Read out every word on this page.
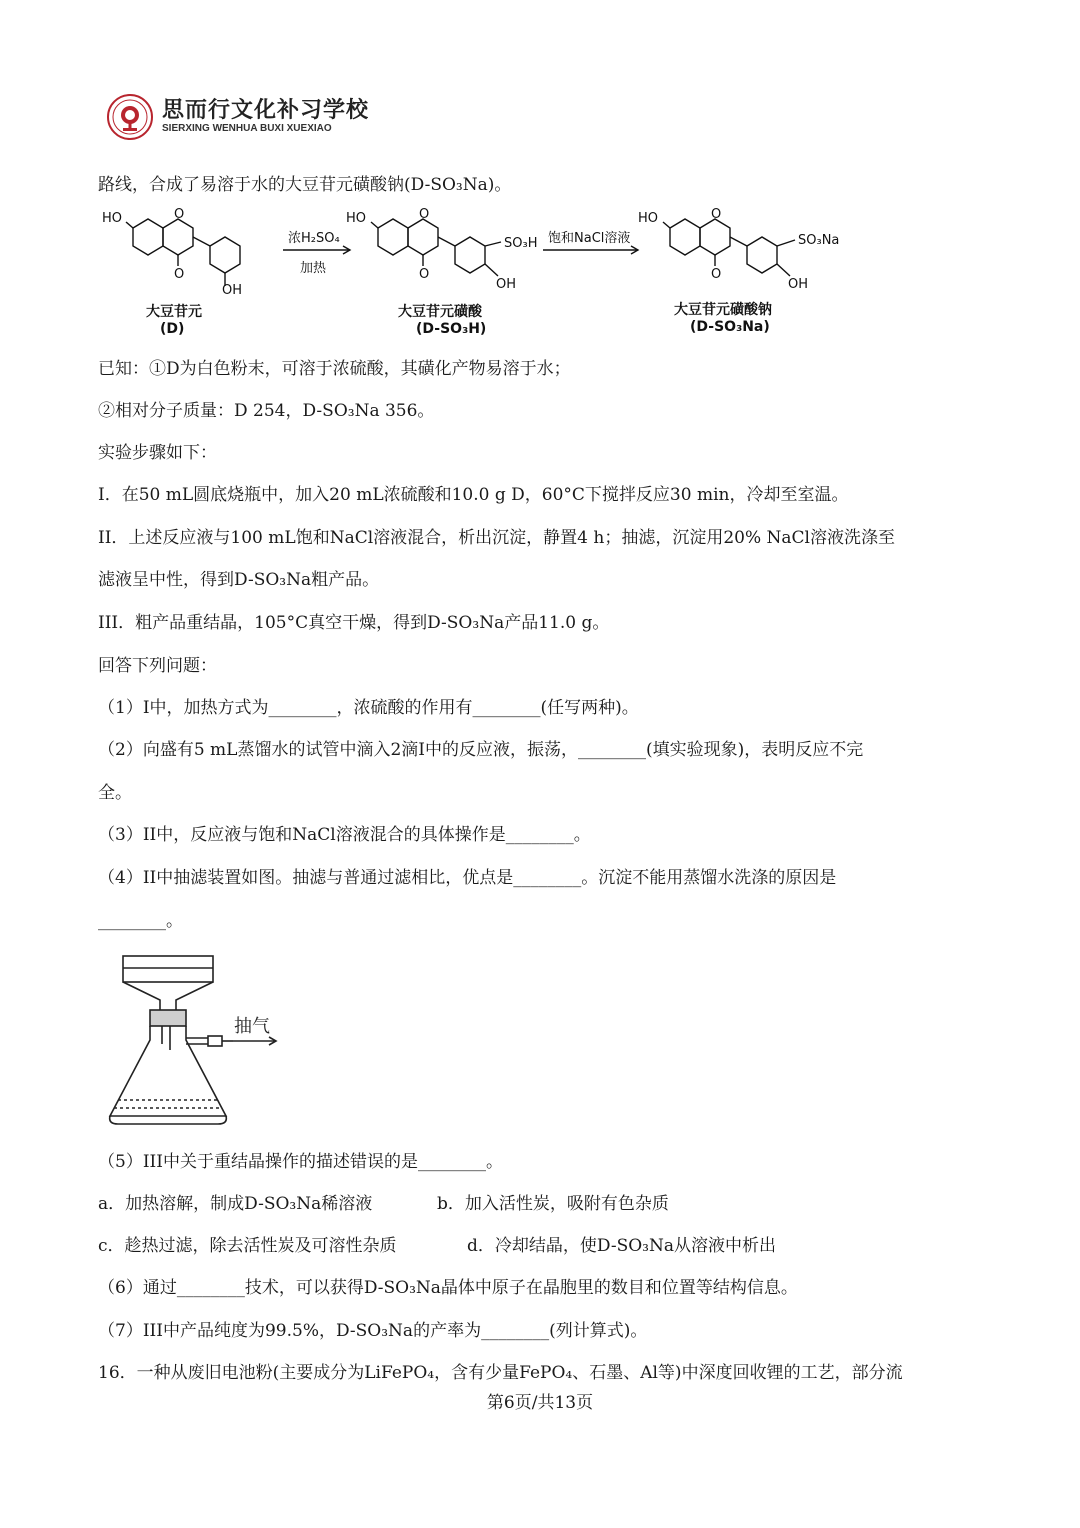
思而行文化补习学校
SIERXING WENHUA BUXI XUEXIAO
路线，合成了易溶于水的大豆苷元磺酸钠(D-SO₃Na)。
HO	O
O
OH
大豆苷元
(D)
浓H₂SO₄
加热
HO	O
O
SO₃H
OH
大豆苷元磺酸
(D-SO₃H)
饱和NaCl溶液
HO	O
O
SO₃Na
OH
大豆苷元磺酸钠
(D-SO₃Na)
已知：①D为白色粉末，可溶于浓硫酸，其磺化产物易溶于水；
②相对分子质量：D 254，D-SO₃Na 356。
实验步骤如下：
I．在50 mL圆底烧瓶中，加入20 mL浓硫酸和10.0 g D，60°C下搅拌反应30 min，冷却至室温。
II．上述反应液与100 mL饱和NaCl溶液混合，析出沉淀，静置4 h；抽滤，沉淀用20% NaCl溶液洗涤至
滤液呈中性，得到D-SO₃Na粗产品。
III．粗产品重结晶，105°C真空干燥，得到D-SO₃Na产品11.0 g。
回答下列问题：
（1）I中，加热方式为________，浓硫酸的作用有________(任写两种)。
（2）向盛有5 mL蒸馏水的试管中滴入2滴I中的反应液，振荡，________(填实验现象)，表明反应不完
全。
（3）II中，反应液与饱和NaCl溶液混合的具体操作是________。
（4）II中抽滤装置如图。抽滤与普通过滤相比，优点是________。沉淀不能用蒸馏水洗涤的原因是
________。
抽气
（5）III中关于重结晶操作的描述错误的是________。
a．加热溶解，制成D-SO₃Na稀溶液	b．加入活性炭，吸附有色杂质
c．趁热过滤，除去活性炭及可溶性杂质	d．冷却结晶，使D-SO₃Na从溶液中析出
（6）通过________技术，可以获得D-SO₃Na晶体中原子在晶胞里的数目和位置等结构信息。
（7）III中产品纯度为99.5%，D-SO₃Na的产率为________(列计算式)。
16．一种从废旧电池粉(主要成分为LiFePO₄，含有少量FePO₄、石墨、Al等)中深度回收锂的工艺，部分流
第6页/共13页
